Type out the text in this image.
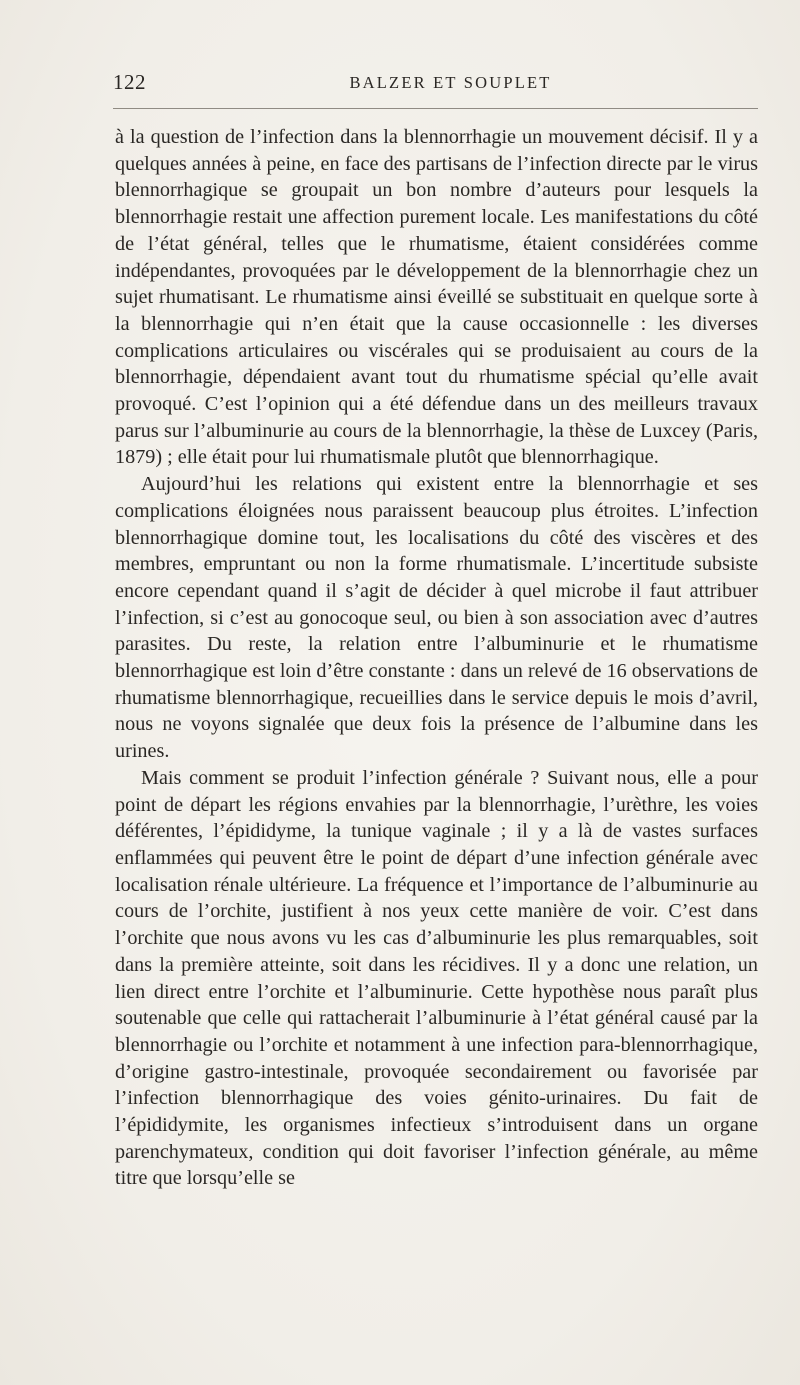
122	BALZER ET SOUPLET

à la question de l’infection dans la blennorrhagie un mouvement décisif. Il y a quelques années à peine, en face des partisans de l’infection directe par le virus blennorrhagique se groupait un bon nombre d’auteurs pour lesquels la blennorrhagie restait une affection purement locale. Les manifestations du côté de l’état général, telles que le rhumatisme, étaient considérées comme indépendantes, provoquées par le développement de la blennorrhagie chez un sujet rhumatisant. Le rhumatisme ainsi éveillé se substituait en quelque sorte à la blennorrhagie qui n’en était que la cause occasionnelle : les diverses complications articulaires ou viscérales qui se produisaient au cours de la blennorrhagie, dépendaient avant tout du rhumatisme spécial qu’elle avait provoqué. C’est l’opinion qui a été défendue dans un des meilleurs travaux parus sur l’albuminurie au cours de la blennorrhagie, la thèse de Luxcey (Paris, 1879) ; elle était pour lui rhumatismale plutôt que blennorrhagique.

Aujourd’hui les relations qui existent entre la blennorrhagie et ses complications éloignées nous paraissent beaucoup plus étroites. L’infection blennorrhagique domine tout, les localisations du côté des viscères et des membres, empruntant ou non la forme rhumatismale. L’incertitude subsiste encore cependant quand il s’agit de décider à quel microbe il faut attribuer l’infection, si c’est au gonocoque seul, ou bien à son association avec d’autres parasites. Du reste, la relation entre l’albuminurie et le rhumatisme blennorrhagique est loin d’être constante : dans un relevé de 16 observations de rhumatisme blennorrhagique, recueillies dans le service depuis le mois d’avril, nous ne voyons signalée que deux fois la présence de l’albumine dans les urines.

Mais comment se produit l’infection générale ? Suivant nous, elle a pour point de départ les régions envahies par la blennorrhagie, l’urèthre, les voies déférentes, l’épididyme, la tunique vaginale ; il y a là de vastes surfaces enflammées qui peuvent être le point de départ d’une infection générale avec localisation rénale ultérieure. La fréquence et l’importance de l’albuminurie au cours de l’orchite, justifient à nos yeux cette manière de voir. C’est dans l’orchite que nous avons vu les cas d’albuminurie les plus remarquables, soit dans la première atteinte, soit dans les récidives. Il y a donc une relation, un lien direct entre l’orchite et l’albuminurie. Cette hypothèse nous paraît plus soutenable que celle qui rattacherait l’albuminurie à l’état général causé par la blennorrhagie ou l’orchite et notamment à une infection para-blennorrhagique, d’origine gastro-intestinale, provoquée secondairement ou favorisée par l’infection blennorrhagique des voies génito-urinaires. Du fait de l’épididymite, les organismes infectieux s’introduisent dans un organe parenchymateux, condition qui doit favoriser l’infection générale, au même titre que lorsqu’elle se
